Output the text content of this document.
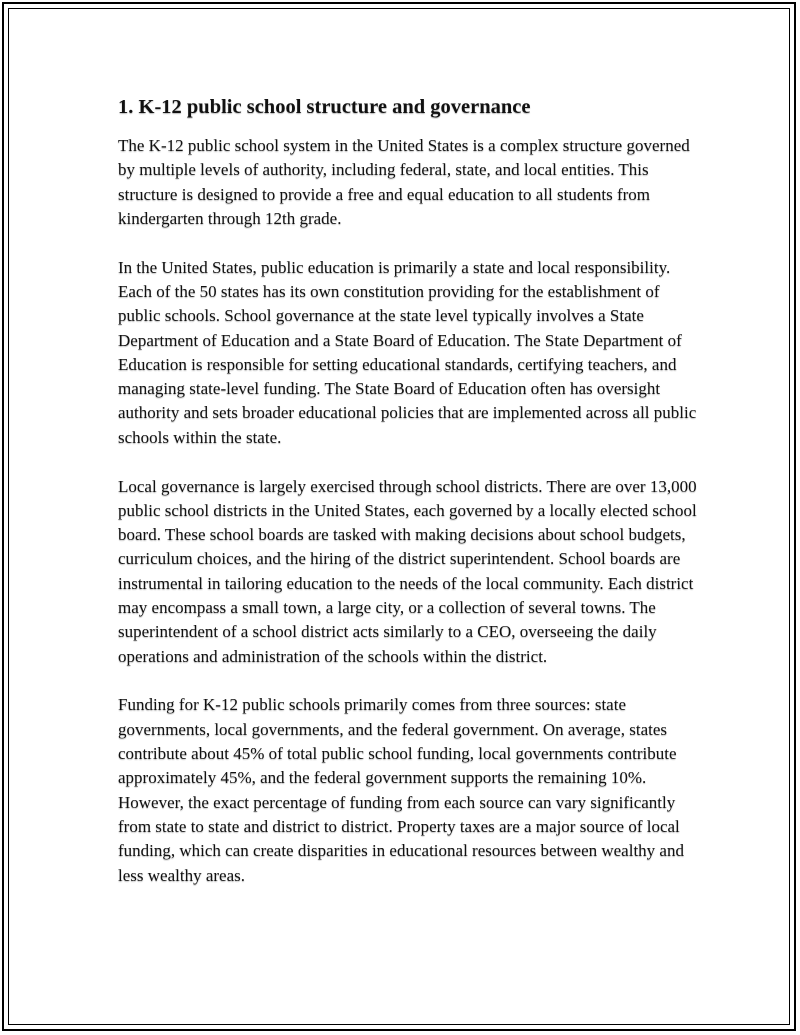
1. K-12 public school structure and governance

The K-12 public school system in the United States is a complex structure governed by multiple levels of authority, including federal, state, and local entities. This structure is designed to provide a free and equal education to all students from kindergarten through 12th grade.

In the United States, public education is primarily a state and local responsibility. Each of the 50 states has its own constitution providing for the establishment of public schools. School governance at the state level typically involves a State Department of Education and a State Board of Education. The State Department of Education is responsible for setting educational standards, certifying teachers, and managing state-level funding. The State Board of Education often has oversight authority and sets broader educational policies that are implemented across all public schools within the state.

Local governance is largely exercised through school districts. There are over 13,000 public school districts in the United States, each governed by a locally elected school board. These school boards are tasked with making decisions about school budgets, curriculum choices, and the hiring of the district superintendent. School boards are instrumental in tailoring education to the needs of the local community. Each district may encompass a small town, a large city, or a collection of several towns. The superintendent of a school district acts similarly to a CEO, overseeing the daily operations and administration of the schools within the district.

Funding for K-12 public schools primarily comes from three sources: state governments, local governments, and the federal government. On average, states contribute about 45% of total public school funding, local governments contribute approximately 45%, and the federal government supports the remaining 10%. However, the exact percentage of funding from each source can vary significantly from state to state and district to district. Property taxes are a major source of local funding, which can create disparities in educational resources between wealthy and less wealthy areas.
